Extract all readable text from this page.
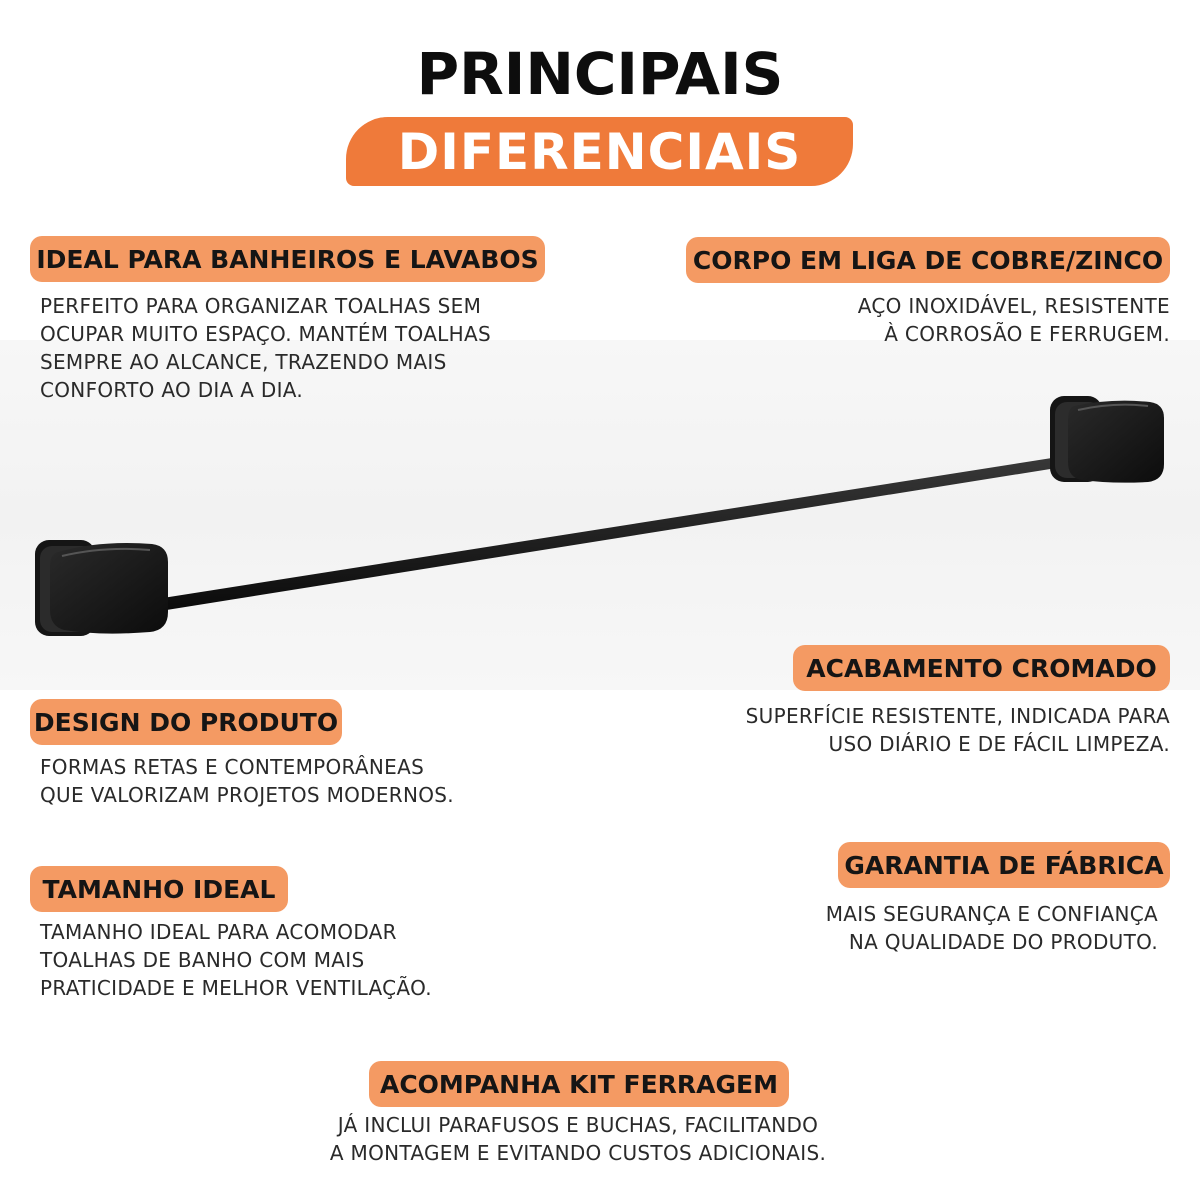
PRINCIPAIS
DIFERENCIAIS
IDEAL PARA BANHEIROS E LAVABOS
PERFEITO PARA ORGANIZAR TOALHAS SEM
OCUPAR MUITO ESPAÇO. MANTÉM TOALHAS
SEMPRE AO ALCANCE, TRAZENDO MAIS
CONFORTO AO DIA A DIA.
CORPO EM LIGA DE COBRE/ZINCO
AÇO INOXIDÁVEL, RESISTENTE
À CORROSÃO E FERRUGEM.
ACABAMENTO CROMADO
SUPERFÍCIE RESISTENTE, INDICADA PARA
USO DIÁRIO E DE FÁCIL LIMPEZA.
DESIGN DO PRODUTO
FORMAS RETAS E CONTEMPORÂNEAS
QUE VALORIZAM PROJETOS MODERNOS.
GARANTIA DE FÁBRICA
MAIS SEGURANÇA E CONFIANÇA
NA QUALIDADE DO PRODUTO.
TAMANHO IDEAL
TAMANHO IDEAL PARA ACOMODAR
TOALHAS DE BANHO COM MAIS
PRATICIDADE E MELHOR VENTILAÇÃO.
ACOMPANHA KIT FERRAGEM
JÁ INCLUI PARAFUSOS E BUCHAS, FACILITANDO
A MONTAGEM E EVITANDO CUSTOS ADICIONAIS.
